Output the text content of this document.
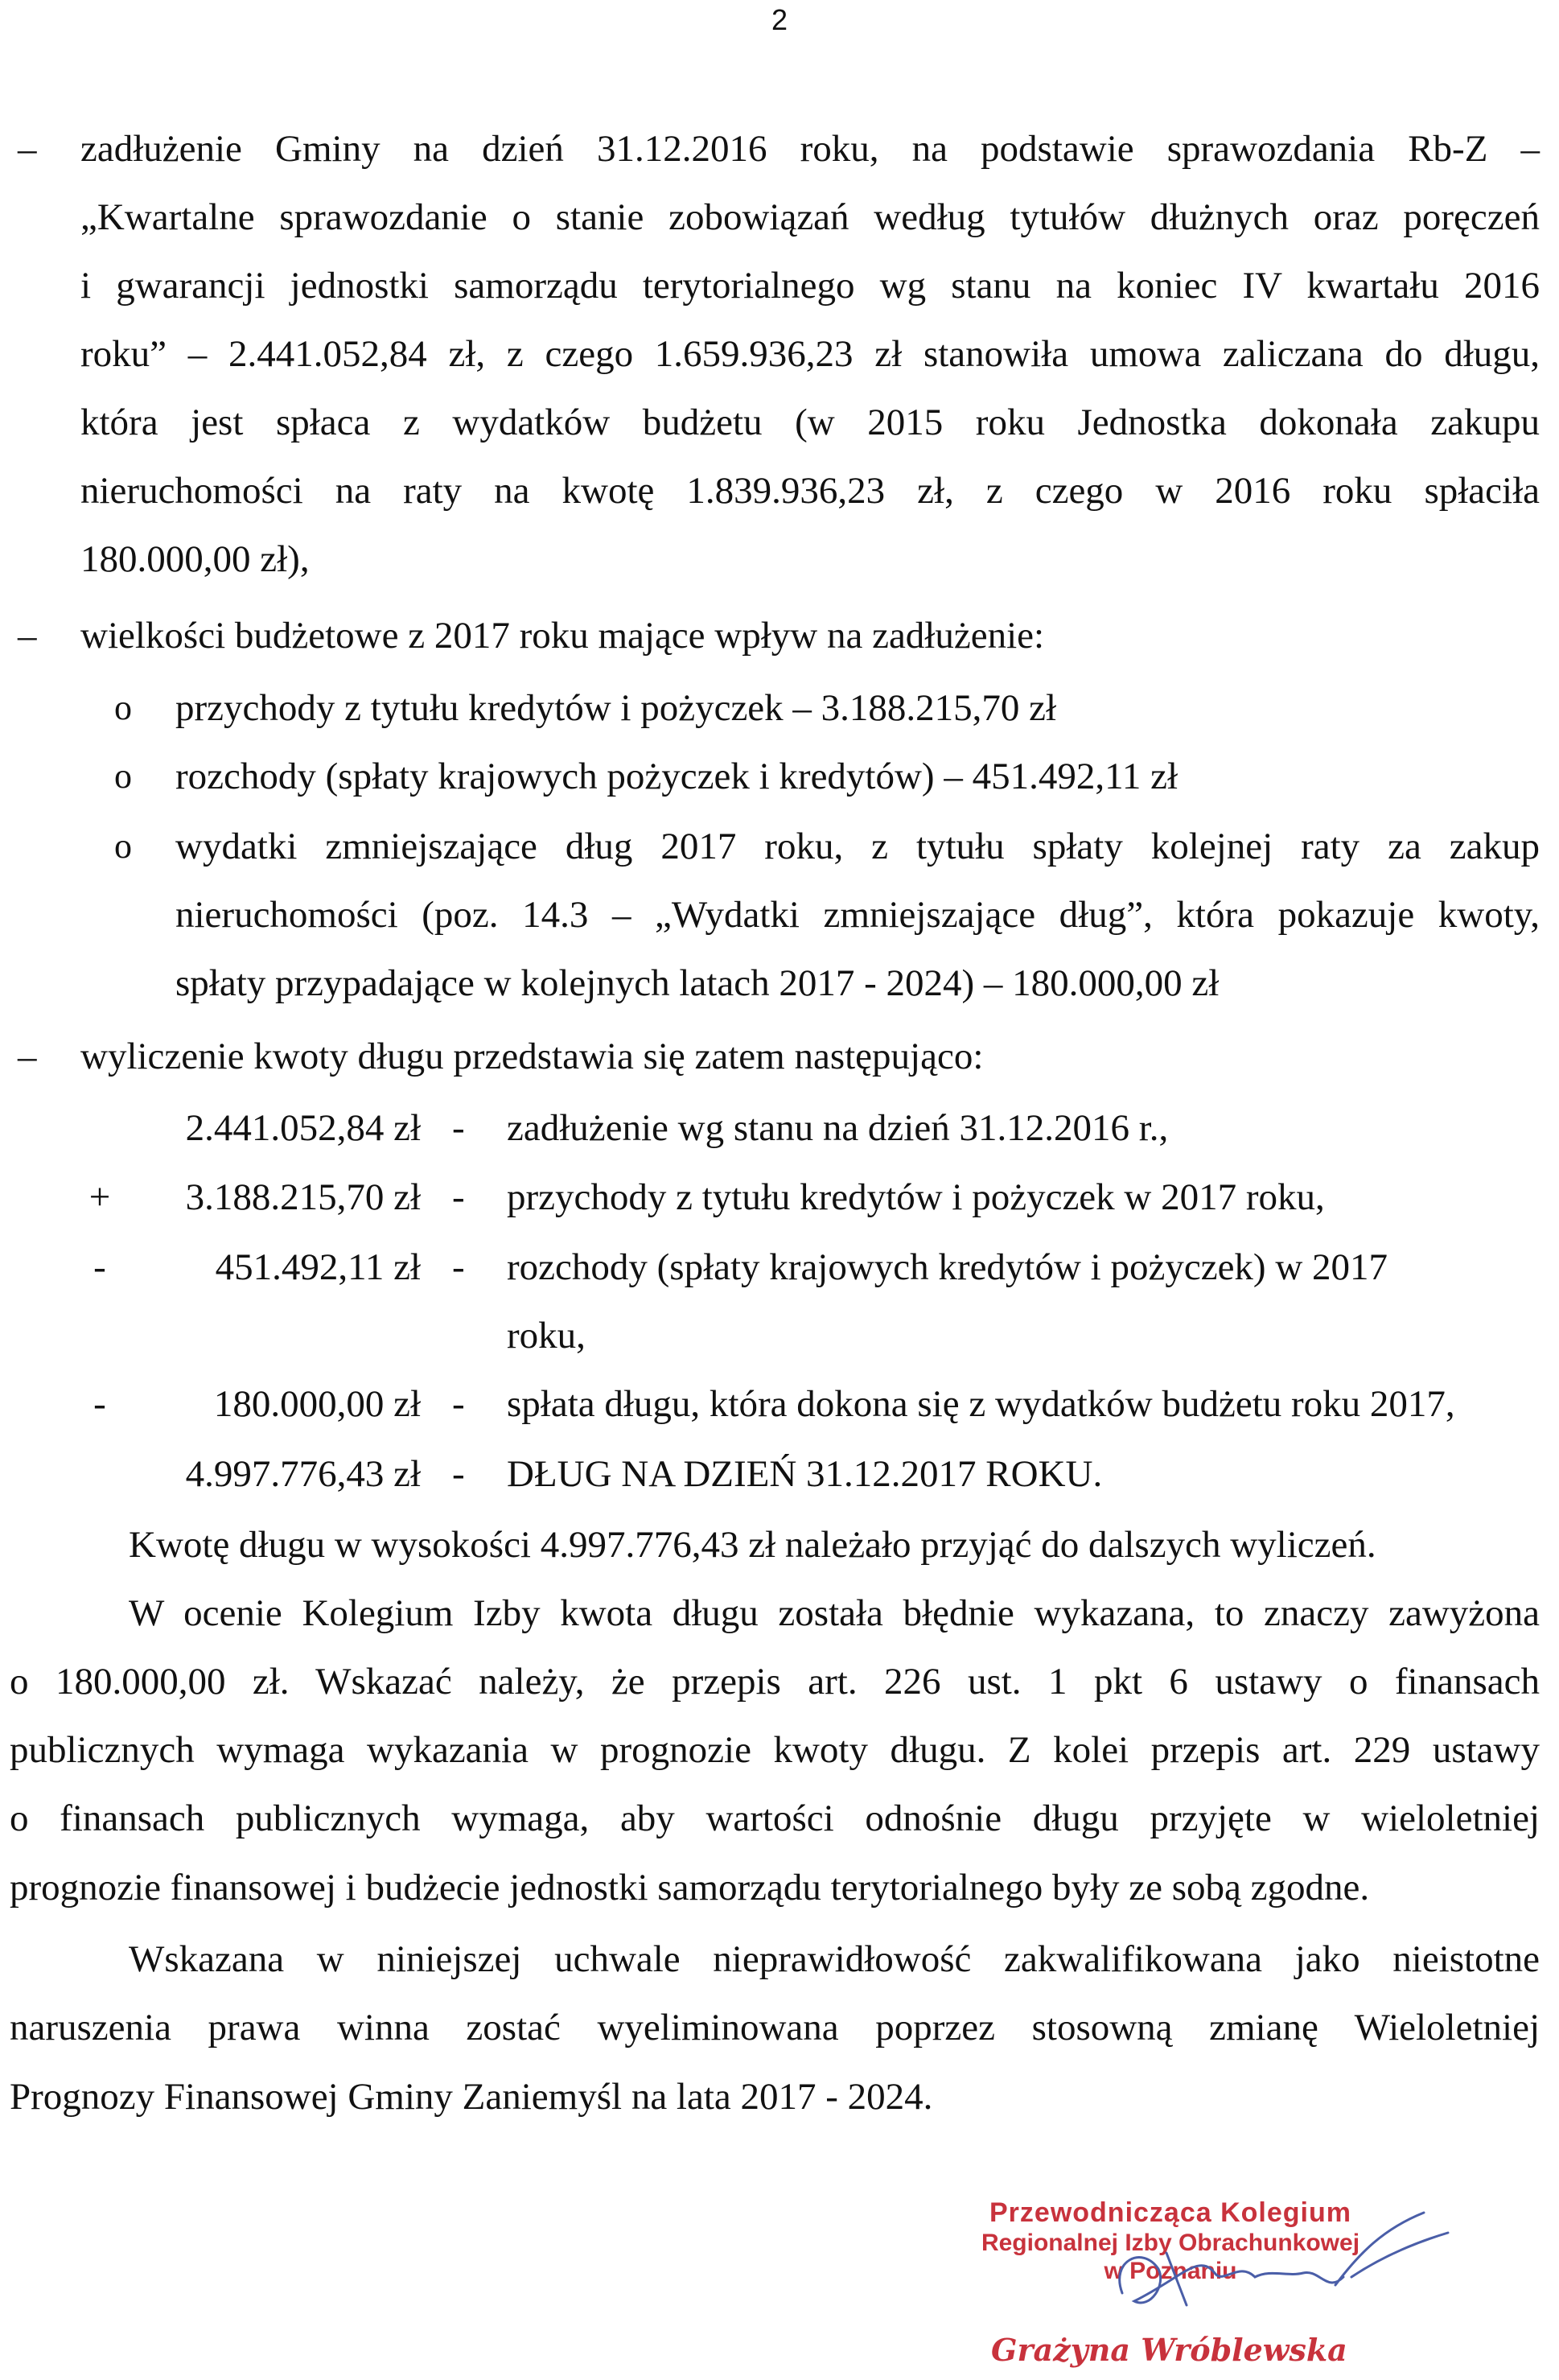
2
– zadłużenie Gminy na dzień 31.12.2016 roku, na podstawie sprawozdania Rb-Z –
„Kwartalne sprawozdanie o stanie zobowiązań według tytułów dłużnych oraz poręczeń
i gwarancji jednostki samorządu terytorialnego wg stanu na koniec IV kwartału 2016
roku” – 2.441.052,84 zł, z czego 1.659.936,23 zł stanowiła umowa zaliczana do długu,
która jest spłaca z wydatków budżetu (w 2015 roku Jednostka dokonała zakupu
nieruchomości na raty na kwotę 1.839.936,23 zł, z czego w 2016 roku spłaciła
180.000,00 zł),
– wielkości budżetowe z 2017 roku mające wpływ na zadłużenie:
o przychody z tytułu kredytów i pożyczek – 3.188.215,70 zł
o rozchody (spłaty krajowych pożyczek i kredytów) – 451.492,11 zł
o wydatki zmniejszające dług 2017 roku, z tytułu spłaty kolejnej raty za zakup
nieruchomości (poz. 14.3 – „Wydatki zmniejszające dług”, która pokazuje kwoty,
spłaty przypadające w kolejnych latach 2017 - 2024) – 180.000,00 zł
– wyliczenie kwoty długu przedstawia się zatem następująco:
2.441.052,84 zł - zadłużenie wg stanu na dzień 31.12.2016 r.,
+ 3.188.215,70 zł - przychody z tytułu kredytów i pożyczek w 2017 roku,
-	451.492,11 zł - rozchody (spłaty krajowych kredytów i pożyczek) w 2017
roku,
-	180.000,00 zł - spłata długu, która dokona się z wydatków budżetu roku 2017,
4.997.776,43 zł - DŁUG NA DZIEŃ 31.12.2017 ROKU.
Kwotę długu w wysokości 4.997.776,43 zł należało przyjąć do dalszych wyliczeń.
W ocenie Kolegium Izby kwota długu została błędnie wykazana, to znaczy zawyżona
o 180.000,00 zł. Wskazać należy, że przepis art. 226 ust. 1 pkt 6 ustawy o finansach
publicznych wymaga wykazania w prognozie kwoty długu. Z kolei przepis art. 229 ustawy
o finansach publicznych wymaga, aby wartości odnośnie długu przyjęte w wieloletniej
prognozie finansowej i budżecie jednostki samorządu terytorialnego były ze sobą zgodne.
Wskazana w niniejszej uchwale nieprawidłowość zakwalifikowana jako nieistotne
naruszenia prawa winna zostać wyeliminowana poprzez stosowną zmianę Wieloletniej
Prognozy Finansowej Gminy Zaniemyśl na lata 2017 - 2024.
Przewodnicząca Kolegium
Regionalnej Izby Obrachunkowej
w Poznaniu
Grażyna Wróblewska
